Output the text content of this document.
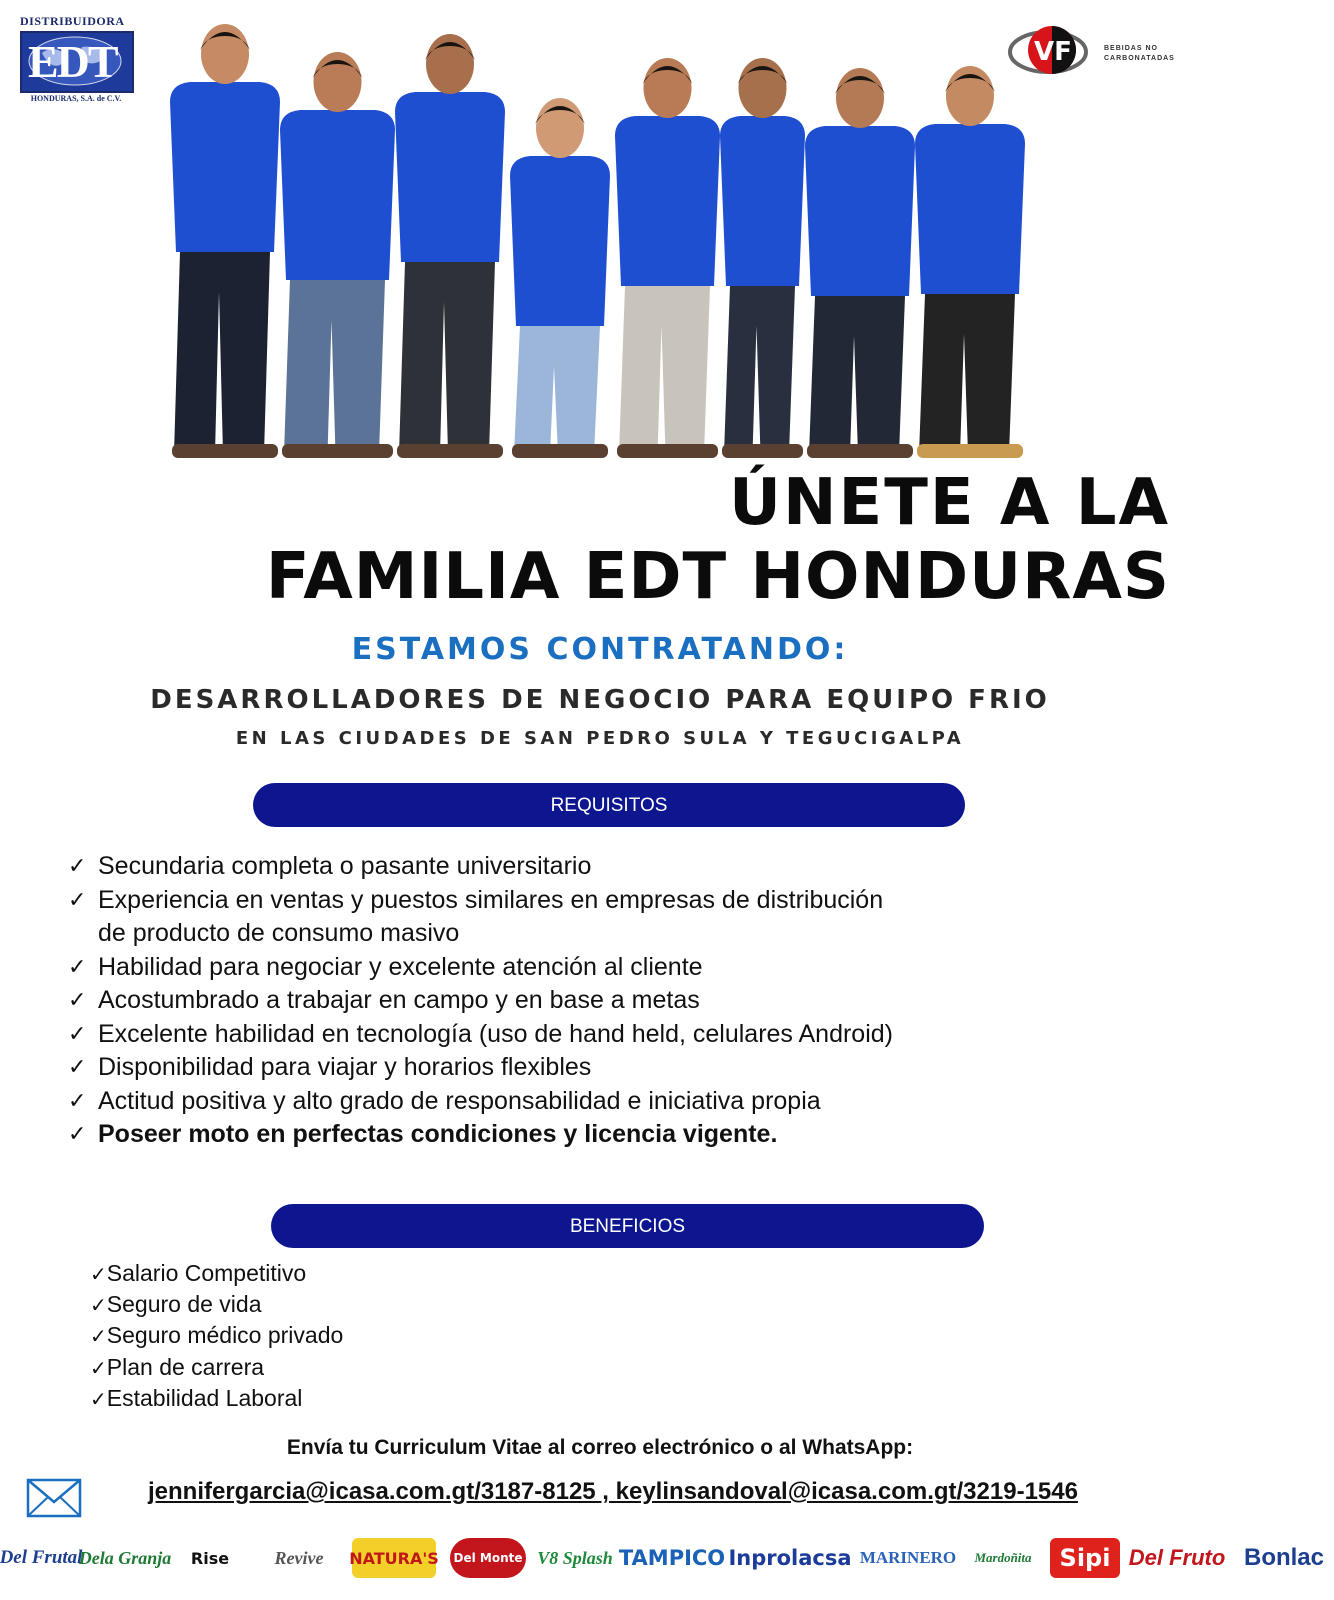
DISTRIBUIDORA
EDT
HONDURAS, S.A. de C.V.
VF	BEBIDAS NO
CARBONATADAS
ÚNETE A LA
FAMILIA EDT HONDURAS
ESTAMOS CONTRATANDO:
DESARROLLADORES DE NEGOCIO PARA EQUIPO FRIO
EN LAS CIUDADES DE SAN PEDRO SULA Y TEGUCIGALPA
REQUISITOS
✓ Secundaria completa o pasante universitario
✓ Experiencia en ventas y puestos similares en empresas de distribución
de producto de consumo masivo
✓ Habilidad para negociar y excelente atención al cliente
✓ Acostumbrado a trabajar en campo y en base a metas
✓ Excelente habilidad en tecnología (uso de hand held, celulares Android)
✓ Disponibilidad para viajar y horarios flexibles
✓ Actitud positiva y alto grado de responsabilidad e iniciativa propia
✓ Poseer moto en perfectas condiciones y licencia vigente.
BENEFICIOS
✓Salario Competitivo
✓Seguro de vida
✓Seguro médico privado
✓Plan de carrera
✓Estabilidad Laboral
Envía tu Curriculum Vitae al correo electrónico o al WhatsApp:
jennifergarcia@icasa.com.gt/3187-8125 , keylinsandoval@icasa.com.gt/3219-1546
Del Frutal
Dela Granja	Rise	Revive	NATURA'S Del Monte V8 Splash TAMPICO Inprolacsa MARINERO	Mardoñita	Sipi Del Fruto Bonlac
